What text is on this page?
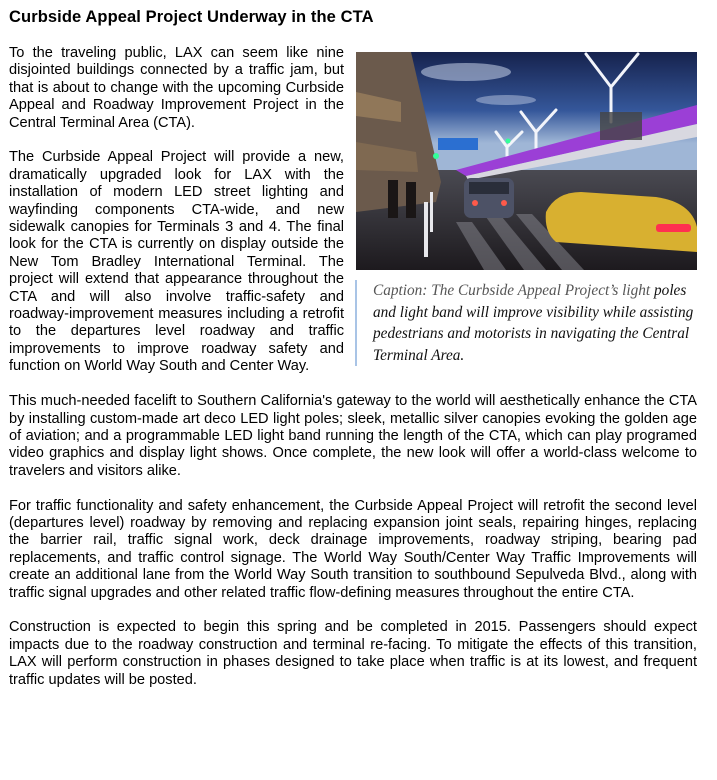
Curbside Appeal Project Underway in the CTA
Caption: The Curbside Appeal Project’s light poles and light band will improve visibility while assisting pedestrians and motorists in navigating the Central Terminal Area.

To the traveling public, LAX can seem like nine disjointed buildings connected by a traffic jam, but that is about to change with the upcoming Curbside Appeal and Roadway Improvement Project in the Central Terminal Area (CTA).

The Curbside Appeal Project will provide a new, dramatically upgraded look for LAX with the installation of modern LED street lighting and wayfinding components CTA-wide, and new sidewalk canopies for Terminals 3 and 4. The final look for the CTA is currently on display outside the New Tom Bradley International Terminal. The project will extend that appearance throughout the CTA and will also involve traffic-safety and roadway-improvement measures including a retrofit to the departures level roadway and traffic improvements to improve roadway safety and function on World Way South and Center Way.

This much-needed facelift to Southern California's gateway to the world will aesthetically enhance the CTA by installing custom-made art deco LED light poles; sleek, metallic silver canopies evoking the golden age of aviation; and a programmable LED light band running the length of the CTA, which can play programed video graphics and display light shows. Once complete, the new look will offer a world-class welcome to travelers and visitors alike.

For traffic functionality and safety enhancement, the Curbside Appeal Project will retrofit the second level (departures level) roadway by removing and replacing expansion joint seals, repairing hinges, replacing the barrier rail, traffic signal work, deck drainage improvements, roadway striping, bearing pad replacements, and traffic control signage. The World Way South/Center Way Traffic Improvements will create an additional lane from the World Way South transition to southbound Sepulveda Blvd., along with traffic signal upgrades and other related traffic flow-defining measures throughout the entire CTA.

Construction is expected to begin this spring and be completed in 2015. Passengers should expect impacts due to the roadway construction and terminal re-facing. To mitigate the effects of this transition, LAX will perform construction in phases designed to take place when traffic is at its lowest, and frequent traffic updates will be posted.
